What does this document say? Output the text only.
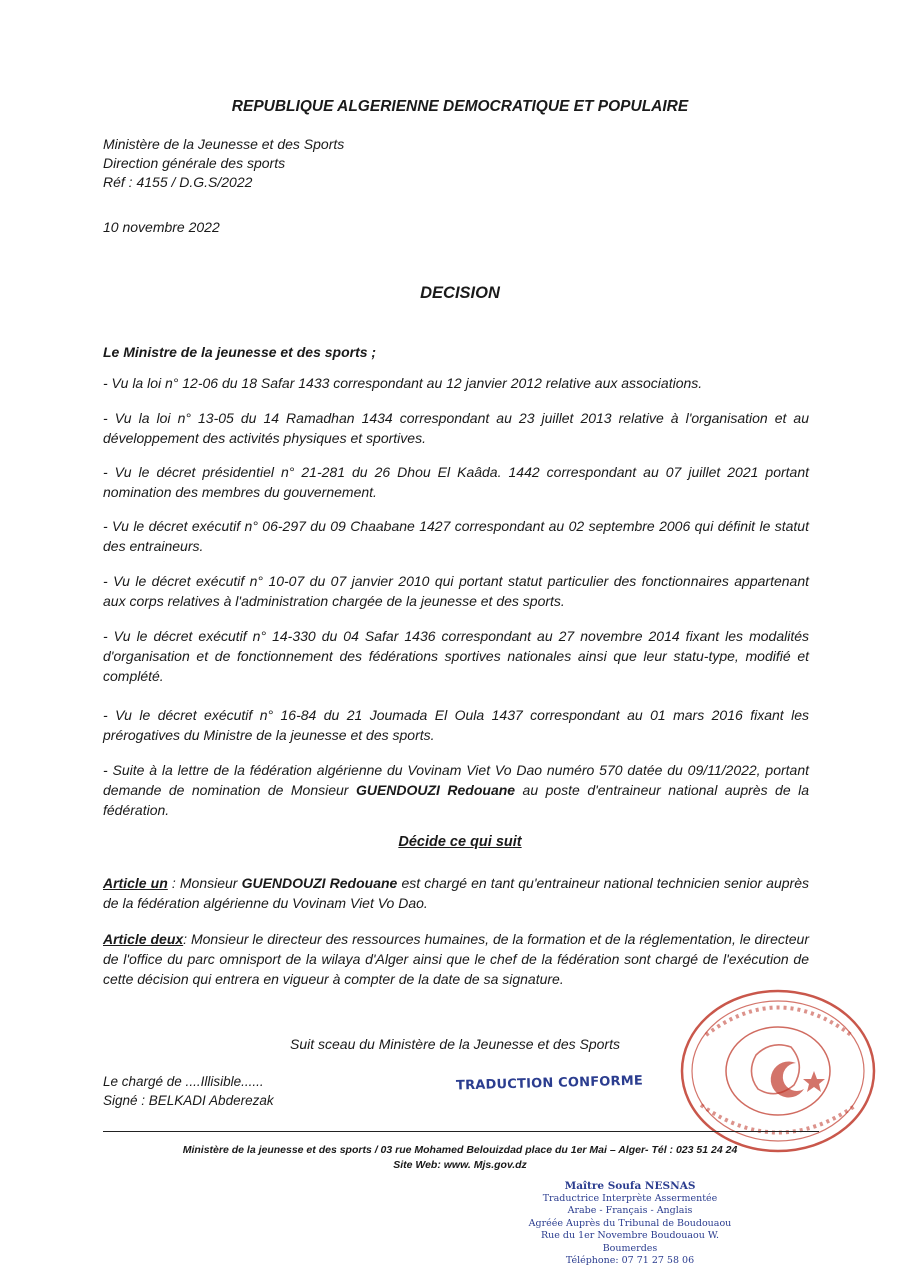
REPUBLIQUE ALGERIENNE DEMOCRATIQUE ET POPULAIRE
Ministère de la Jeunesse et des Sports
Direction générale des sports
Réf : 4155 / D.G.S/2022
10 novembre 2022
DECISION
Le Ministre de la jeunesse et des sports ;
- Vu la loi n° 12-06 du 18 Safar 1433 correspondant au 12 janvier 2012 relative aux associations.
- Vu la loi n° 13-05 du 14 Ramadhan 1434 correspondant au 23 juillet 2013 relative à l'organisation et au développement des activités physiques et sportives.
- Vu le décret présidentiel n° 21-281 du 26 Dhou El Kaâda. 1442 correspondant au 07 juillet 2021 portant nomination des membres du gouvernement.
- Vu le décret exécutif n° 06-297 du 09 Chaabane 1427 correspondant au 02 septembre 2006 qui définit le statut des entraineurs.
- Vu le décret exécutif n° 10-07 du 07 janvier 2010 qui portant statut particulier des fonctionnaires appartenant aux corps relatives à l'administration chargée de la jeunesse et des sports.
- Vu le décret exécutif n° 14-330 du 04 Safar 1436 correspondant au 27 novembre 2014 fixant les modalités d'organisation et de fonctionnement des fédérations sportives nationales ainsi que leur statu-type, modifié et complété.
- Vu le décret exécutif n° 16-84 du 21 Joumada El Oula 1437 correspondant au 01 mars 2016 fixant les prérogatives du Ministre de la jeunesse et des sports.
- Suite à la lettre de la fédération algérienne du Vovinam Viet Vo Dao numéro 570 datée du 09/11/2022, portant demande de nomination de Monsieur GUENDOUZI Redouane au poste d'entraineur national auprès de la fédération.
Décide ce qui suit
Article un : Monsieur GUENDOUZI Redouane est chargé en tant qu'entraineur national technicien senior auprès de la fédération algérienne du Vovinam Viet Vo Dao.
Article deux: Monsieur le directeur des ressources humaines, de la formation et de la réglementation, le directeur de l'office du parc omnisport de la wilaya d'Alger ainsi que le chef de la fédération sont chargé de l'exécution de cette décision qui entrera en vigueur à compter de la date de sa signature.
Suit sceau du Ministère de la Jeunesse et des Sports
Le chargé de ....Illisible......
Signé : BELKADI Abderezak
TRADUCTION CONFORME
Ministère de la jeunesse et des sports / 03 rue Mohamed Belouizdad place du 1er Mai – Alger- Tél : 023 51 24 24
Site Web: www. Mjs.gov.dz
Maître Soufa NESNAS
Traductrice Interprète Assermentée
Arabe - Français - Anglais
Agréée Auprès du Tribunal de Boudouaou
Rue du 1er Novembre Boudouaou W. Boumerdes
Téléphone: 07 71 27 58 06
